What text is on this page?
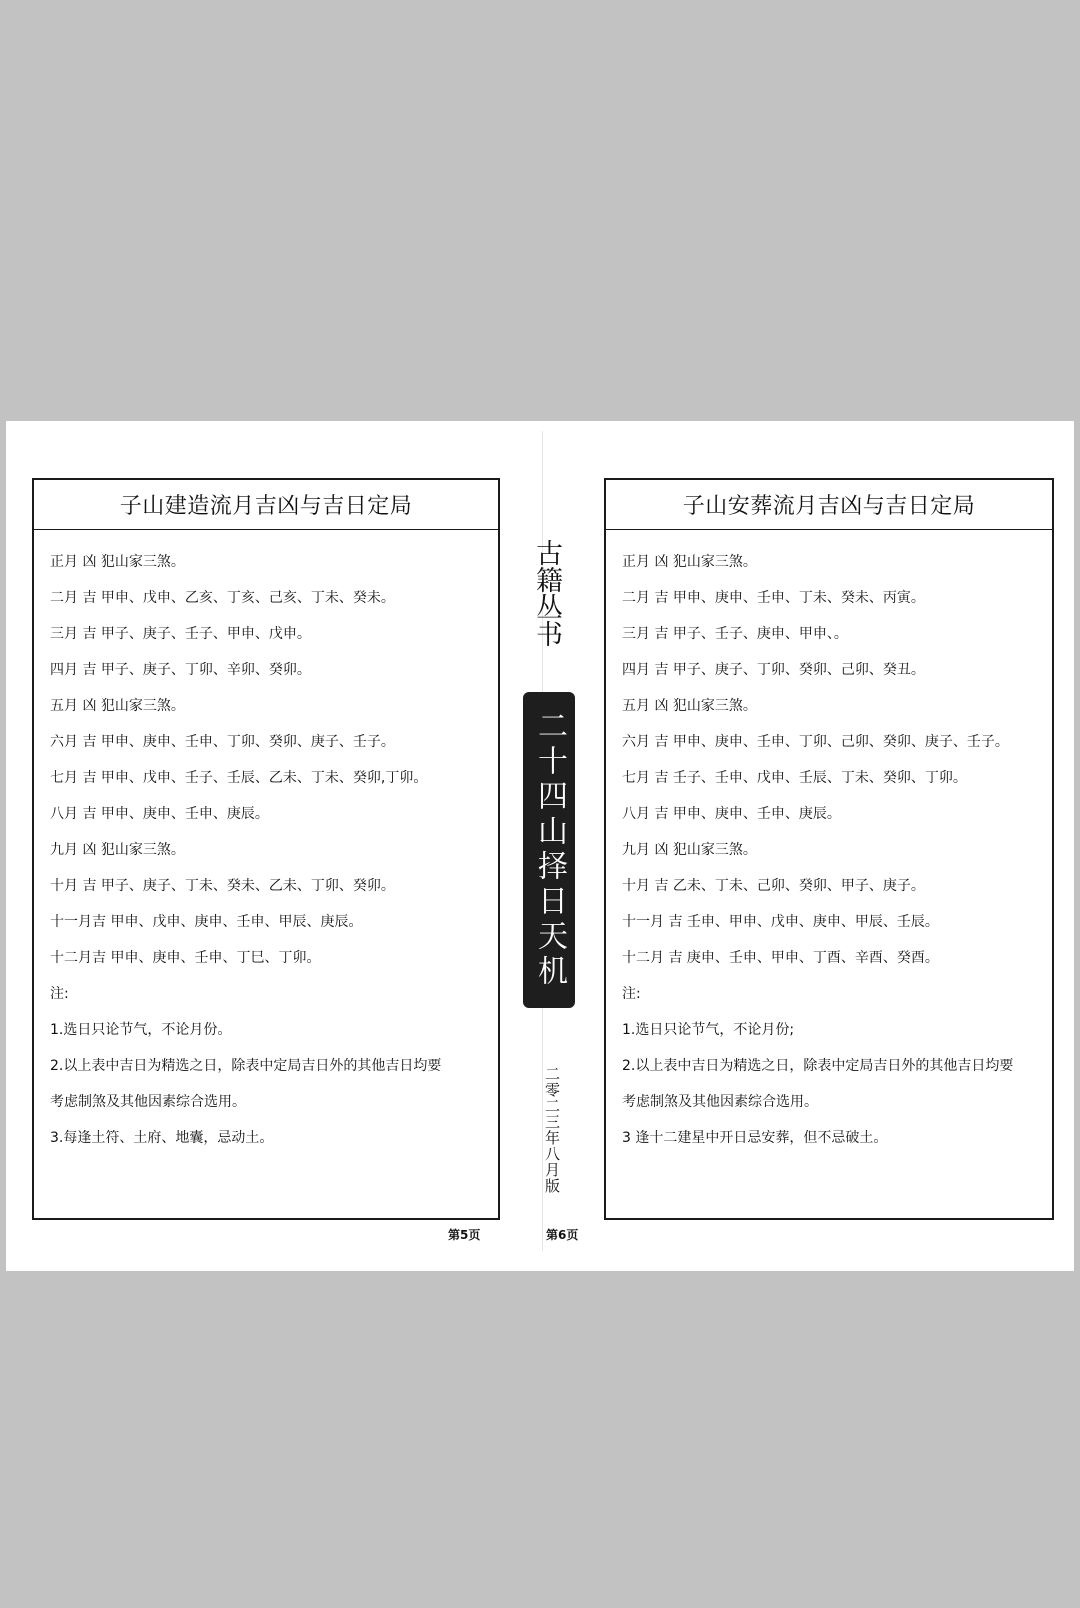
子山建造流月吉凶与吉日定局
正月 凶 犯山家三煞。
二月 吉 甲申、戊申、乙亥、丁亥、己亥、丁未、癸未。
三月 吉 甲子、庚子、壬子、甲申、戊申。
四月 吉 甲子、庚子、丁卯、辛卯、癸卯。
五月 凶 犯山家三煞。
六月 吉 甲申、庚申、壬申、丁卯、癸卯、庚子、壬子。
七月 吉 甲申、戊申、壬子、壬辰、乙未、丁未、癸卯,丁卯。
八月 吉 甲申、庚申、壬申、庚辰。
九月 凶 犯山家三煞。
十月 吉 甲子、庚子、丁未、癸未、乙未、丁卯、癸卯。
十一月吉 甲申、戊申、庚申、壬申、甲辰、庚辰。
十二月吉 甲申、庚申、壬申、丁巳、丁卯。
注:
1.选日只论节气，不论月份。
2.以上表中吉日为精选之日，除表中定局吉日外的其他吉日均要
考虑制煞及其他因素综合选用。
3.每逢土符、土府、地囊，忌动土。
第5页
古籍丛书
二十四山择日天机
二零二三年八月版
第6页
子山安葬流月吉凶与吉日定局
正月 凶 犯山家三煞。
二月 吉 甲申、庚申、壬申、丁未、癸未、丙寅。
三月 吉 甲子、壬子、庚申、甲申、。
四月 吉 甲子、庚子、丁卯、癸卯、己卯、癸丑。
五月 凶 犯山家三煞。
六月 吉 甲申、庚申、壬申、丁卯、己卯、癸卯、庚子、壬子。
七月 吉 壬子、壬申、戊申、壬辰、丁未、癸卯、丁卯。
八月 吉 甲申、庚申、壬申、庚辰。
九月 凶 犯山家三煞。
十月 吉 乙未、丁未、己卯、癸卯、甲子、庚子。
十一月 吉 壬申、甲申、戊申、庚申、甲辰、壬辰。
十二月 吉 庚申、壬申、甲申、丁酉、辛酉、癸酉。
注:
1.选日只论节气，不论月份;
2.以上表中吉日为精选之日，除表中定局吉日外的其他吉日均要
考虑制煞及其他因素综合选用。
3 逢十二建星中开日忌安葬，但不忌破土。
